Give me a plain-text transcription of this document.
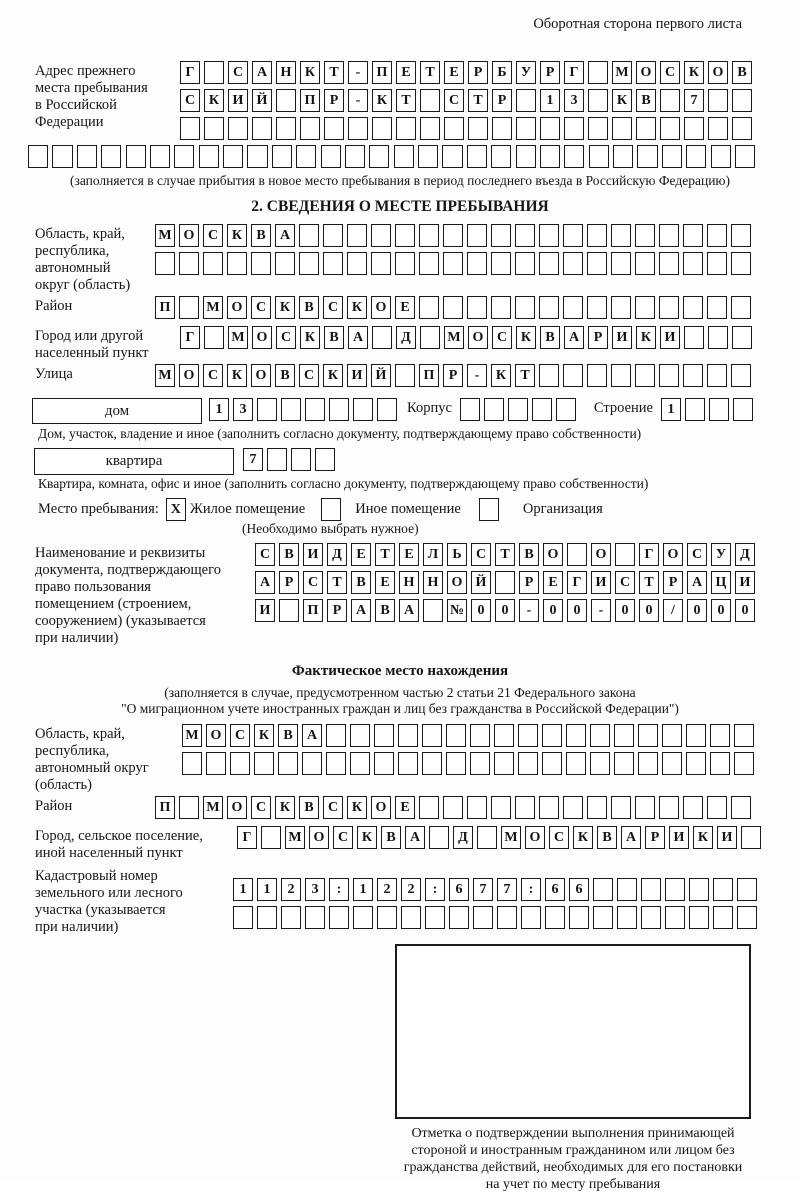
Оборотная сторона первого листа
Адрес прежнего
места пребывания
в Российской
Федерации
Г	С А Н К	Т	-	П Е	Т	Е	Р	Б	У	Р	Г	М О С К О В
С К И Й	П	Р	-	К	Т	С	Т	Р	1	3	К	В	7
(заполняется в случае прибытия в новое место пребывания в период последнего въезда в Российскую Федерацию)
2. СВЕДЕНИЯ О МЕСТЕ ПРЕБЫВАНИЯ
Область, край,
республика,
автономный
округ (область)
М О С К	В	А
Район	П	М О С К	В	С К О Е
Город или другой
населенный пункт
Г	М О С К	В	А	Д	М О С К	В	А	Р	И К И
Улица	М О С К О В	С К И Й	П	Р	-	К	Т
дом	1	3	Корпус	Строение	1
Дом, участок, владение и иное (заполнить согласно документу, подтверждающему право собственности)
квартира	7
Квартира, комната, офис и иное (заполнить согласно документу, подтверждающему право собственности)
Место пребывания: X Жилое помещение	Иное помещение	Организация
(Необходимо выбрать нужное)
Наименование и реквизиты
документа, подтверждающего
право пользования
помещением (строением,
сооружением) (указывается
при наличии)
С	В И Д	Е	Т	Е	Л	Ь	С	Т	В О	О	Г	О С У	Д
А	Р	С	Т	В	Е Н Н О Й	Р	Е	Г	И С	Т	Р	А Ц И
И	П	Р	А	В	А	№ 0	0	-	0	0	-	0	0	/	0	0	0
Фактическое место нахождения
(заполняется в случае, предусмотренном частью 2 статьи 21 Федерального закона
"О миграционном учете иностранных граждан и лиц без гражданства в Российской Федерации")
Область, край,
республика,
автономный округ
(область)
М О С К	В	А
Район	П	М О С К	В	С К О Е
Город, сельское поселение,
иной населенный пункт
Г	М О С К	В	А	Д	М О С К	В	А	Р	И К И
Кадастровый номер
земельного или лесного
участка (указывается
при наличии)
1	1	2	3	:	1	2	2	:	6	7	7	:	6	6
Отметка о подтверждении выполнения принимающей
стороной и иностранным гражданином или лицом без
гражданства действий, необходимых для его постановки
на учет по месту пребывания
